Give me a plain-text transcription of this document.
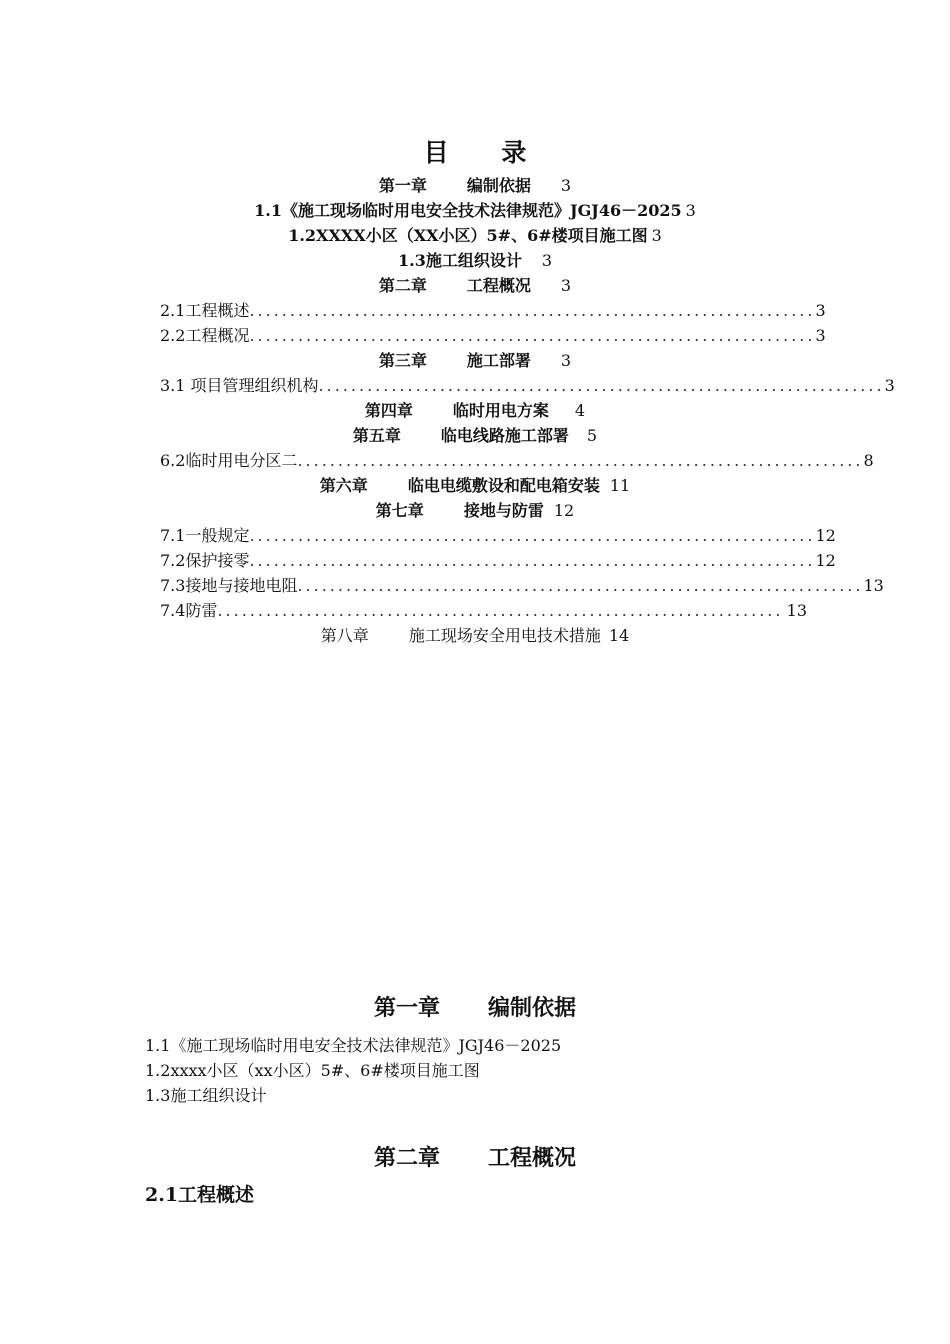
目 录
第一章	编制依据 3
1.1《施工现场临时用电安全技术法律规范》JGJ46－2025 3
1.2XXXX小区（XX小区）5#、6#楼项目施工图 3
1.3施工组织设计 3
第二章	工程概况 3
2.1工程概述 ...................................................................... 3
2.2工程概况 ...................................................................... 3
第三章	施工部署 3
3.1 项目管理组织机构 ...................................................................... 3
第四章	临时用电方案 4
第五章	临电线路施工部署 5
6.2临时用电分区二 ...................................................................... 8
第六章	临电电缆敷设和配电箱安装 11
第七章	接地与防雷 12
7.1一般规定 ...................................................................... 12
7.2保护接零 ...................................................................... 12
7.3接地与接地电阻 ...................................................................... 13
7.4防雷 ...................................................................... 13
第八章	施工现场安全用电技术措施 14
第一章 编制依据
1.1《施工现场临时用电安全技术法律规范》JGJ46－2025
1.2xxxx小区（xx小区）5#、6#楼项目施工图
1.3施工组织设计
第二章 工程概况
2.1工程概述
